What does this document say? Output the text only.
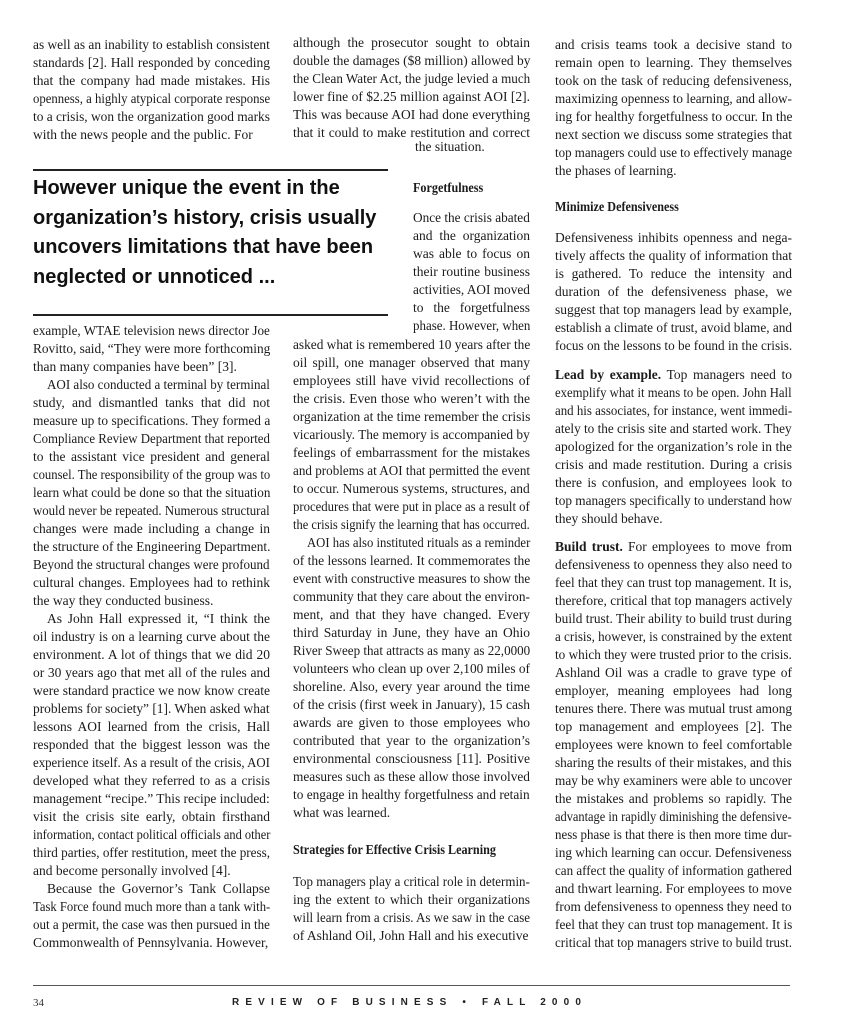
Forgetfulness
Strategies for Effective Crisis Learning
Minimize Defensiveness
the situation.
34	REVIEW OF BUSINESS • FALL 2000
as well as an inability to establish consistent
standards [2]. Hall responded by conceding
that the company had made mistakes. His
openness, a highly atypical corporate response
to a crisis, won the organization good marks
with the news people and the public. For
example, WTAE television news director Joe
Rovitto, said, “They were more forthcoming
than many companies have been” [3].
AOI also conducted a terminal by terminal
study, and dismantled tanks that did not
measure up to specifications. They formed a
Compliance Review Department that reported
to the assistant vice president and general
counsel. The responsibility of the group was to
learn what could be done so that the situation
would never be repeated. Numerous structural
changes were made including a change in
the structure of the Engineering Department.
Beyond the structural changes were profound
cultural changes. Employees had to rethink
the way they conducted business.
As John Hall expressed it, “I think the
oil industry is on a learning curve about the
environment. A lot of things that we did 20
or 30 years ago that met all of the rules and
were standard practice we now know create
problems for society” [1]. When asked what
lessons AOI learned from the crisis, Hall
responded that the biggest lesson was the
experience itself. As a result of the crisis, AOI
developed what they referred to as a crisis
management “recipe.” This recipe included:
visit the crisis site early, obtain firsthand
information, contact political officials and other
third parties, offer restitution, meet the press,
and become personally involved [4].
Because the Governor’s Tank Collapse
Task Force found much more than a tank with-
out a permit, the case was then pursued in the
Commonwealth of Pennsylvania. However,
although the prosecutor sought to obtain
double the damages ($8 million) allowed by
the Clean Water Act, the judge levied a much
lower fine of $2.25 million against AOI [2].
This was because AOI had done everything
that it could to make restitution and correct
Once the crisis abated
and the organization
was able to focus on
their routine business
activities, AOI moved
to the forgetfulness
phase. However, when
asked what is remembered 10 years after the
oil spill, one manager observed that many
employees still have vivid recollections of
the crisis. Even those who weren’t with the
organization at the time remember the crisis
vicariously. The memory is accompanied by
feelings of embarrassment for the mistakes
and problems at AOI that permitted the event
to occur. Numerous systems, structures, and
procedures that were put in place as a result of
the crisis signify the learning that has occurred.
AOI has also instituted rituals as a reminder
of the lessons learned. It commemorates the
event with constructive measures to show the
community that they care about the environ-
ment, and that they have changed. Every
third Saturday in June, they have an Ohio
River Sweep that attracts as many as 22,0000
volunteers who clean up over 2,100 miles of
shoreline. Also, every year around the time
of the crisis (first week in January), 15 cash
awards are given to those employees who
contributed that year to the organization’s
environmental consciousness [11]. Positive
measures such as these allow those involved
to engage in healthy forgetfulness and retain
what was learned.
Top managers play a critical role in determin-
ing the extent to which their organizations
will learn from a crisis. As we saw in the case
of Ashland Oil, John Hall and his executive
and crisis teams took a decisive stand to
remain open to learning. They themselves
took on the task of reducing defensiveness,
maximizing openness to learning, and allow-
ing for healthy forgetfulness to occur. In the
next section we discuss some strategies that
top managers could use to effectively manage
the phases of learning.
Defensiveness inhibits openness and nega-
tively affects the quality of information that
is gathered. To reduce the intensity and
duration of the defensiveness phase, we
suggest that top managers lead by example,
establish a climate of trust, avoid blame, and
focus on the lessons to be found in the crisis.
Lead by example. Top managers need to
exemplify what it means to be open. John Hall
and his associates, for instance, went immedi-
ately to the crisis site and started work. They
apologized for the organization’s role in the
crisis and made restitution. During a crisis
there is confusion, and employees look to
top managers specifically to understand how
they should behave.
Build trust. For employees to move from
defensiveness to openness they also need to
feel that they can trust top management. It is,
therefore, critical that top managers actively
build trust. Their ability to build trust during
a crisis, however, is constrained by the extent
to which they were trusted prior to the crisis.
Ashland Oil was a cradle to grave type of
employer, meaning employees had long
tenures there. There was mutual trust among
top management and employees [2]. The
employees were known to feel comfortable
sharing the results of their mistakes, and this
may be why examiners were able to uncover
the mistakes and problems so rapidly. The
advantage in rapidly diminishing the defensive-
ness phase is that there is then more time dur-
ing which learning can occur. Defensiveness
can affect the quality of information gathered
and thwart learning. For employees to move
from defensiveness to openness they need to
feel that they can trust top management. It is
critical that top managers strive to build trust.
However unique the event in the
organization’s history, crisis usually
uncovers limitations that have been
neglected or unnoticed ...
